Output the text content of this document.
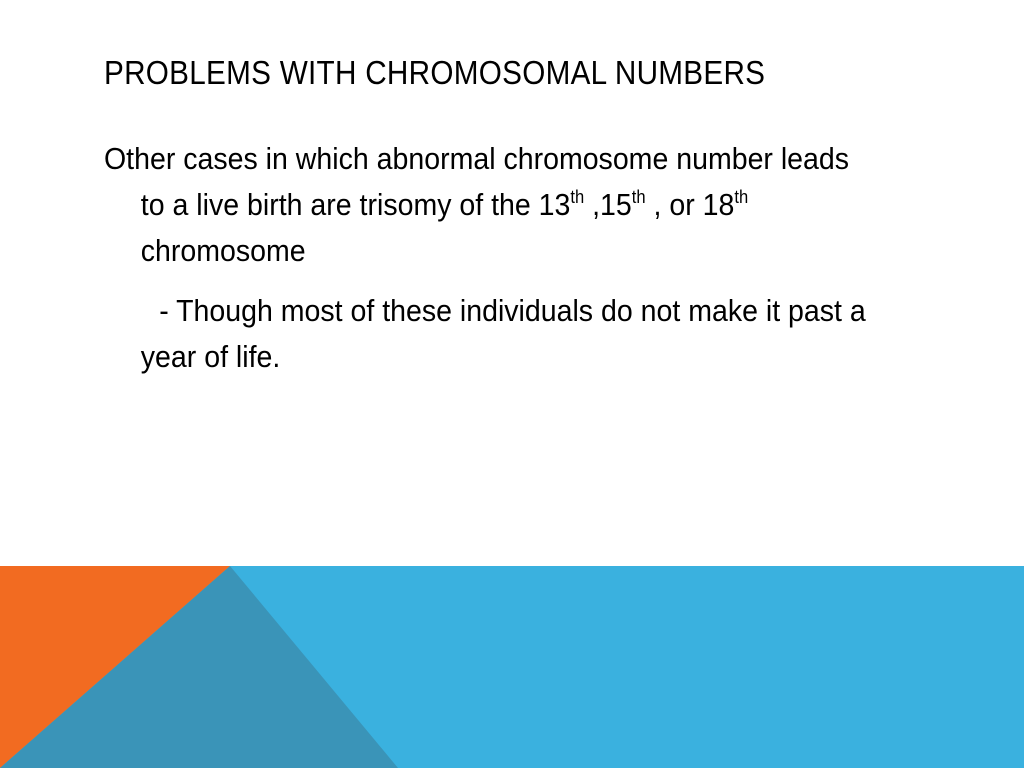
PROBLEMS WITH CHROMOSOMAL NUMBERS

Other cases in which abnormal chromosome number leads to a live birth are trisomy of the 13th ,15th , or 18th chromosome

- Though most of these individuals do not make it past a year of life.
